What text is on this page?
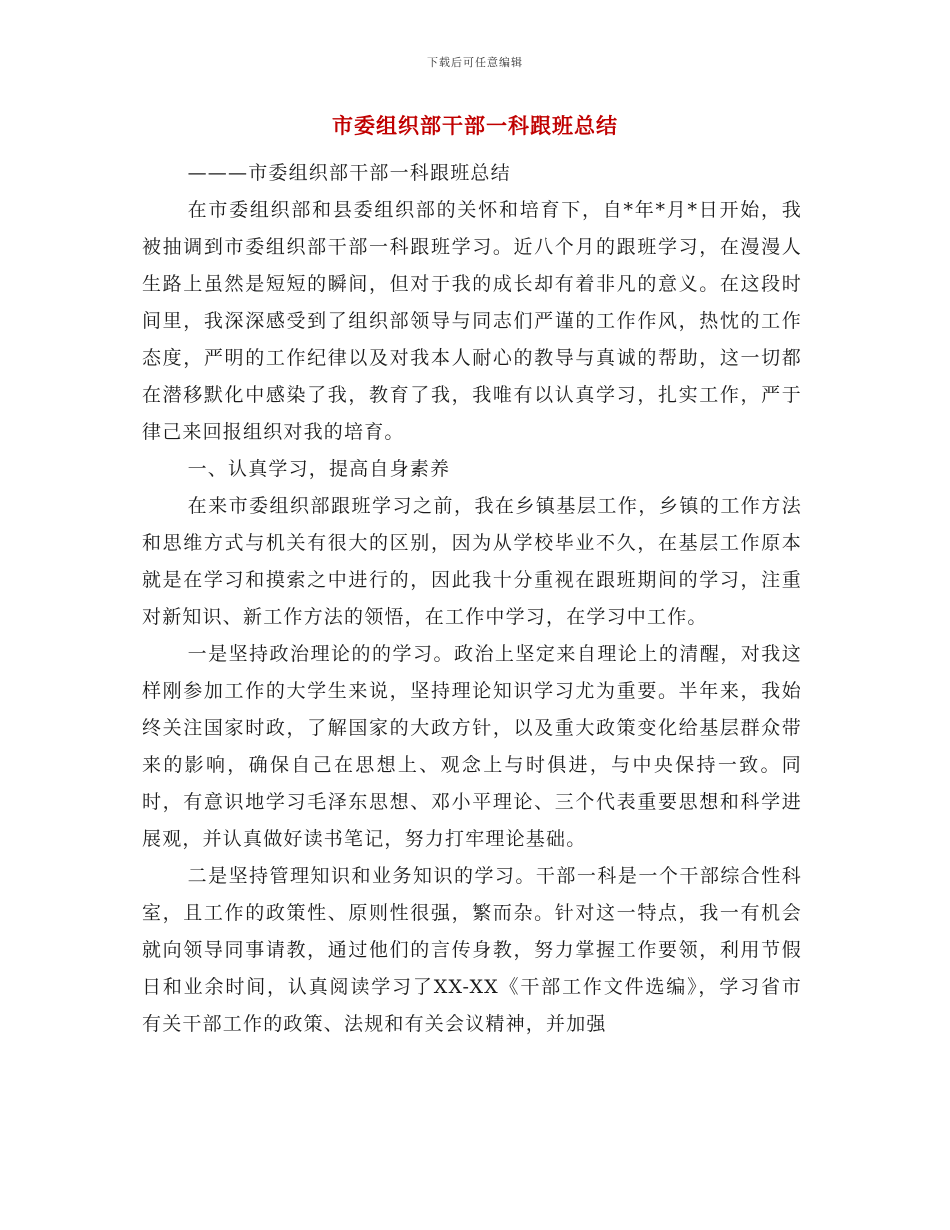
下载后可任意编辑
市委组织部干部一科跟班总结

———市委组织部干部一科跟班总结

在市委组织部和县委组织部的关怀和培育下，自*年*月*日开始，我被抽调到市委组织部干部一科跟班学习。近八个月的跟班学习，在漫漫人生路上虽然是短短的瞬间，但对于我的成长却有着非凡的意义。在这段时间里，我深深感受到了组织部领导与同志们严谨的工作作风，热忱的工作态度，严明的工作纪律以及对我本人耐心的教导与真诚的帮助，这一切都在潜移默化中感染了我，教育了我，我唯有以认真学习，扎实工作，严于律己来回报组织对我的培育。

一、认真学习，提高自身素养

在来市委组织部跟班学习之前，我在乡镇基层工作，乡镇的工作方法和思维方式与机关有很大的区别，因为从学校毕业不久，在基层工作原本就是在学习和摸索之中进行的，因此我十分重视在跟班期间的学习，注重对新知识、新工作方法的领悟，在工作中学习，在学习中工作。

一是坚持政治理论的的学习。政治上坚定来自理论上的清醒，对我这样刚参加工作的大学生来说，坚持理论知识学习尤为重要。半年来，我始终关注国家时政，了解国家的大政方针，以及重大政策变化给基层群众带来的影响，确保自己在思想上、观念上与时俱进，与中央保持一致。同时，有意识地学习毛泽东思想、邓小平理论、三个代表重要思想和科学进展观，并认真做好读书笔记，努力打牢理论基础。

二是坚持管理知识和业务知识的学习。干部一科是一个干部综合性科室，且工作的政策性、原则性很强，繁而杂。针对这一特点，我一有机会就向领导同事请教，通过他们的言传身教，努力掌握工作要领，利用节假日和业余时间，认真阅读学习了XX-XX《干部工作文件选编》，学习省市有关干部工作的政策、法规和有关会议精神，并加强
